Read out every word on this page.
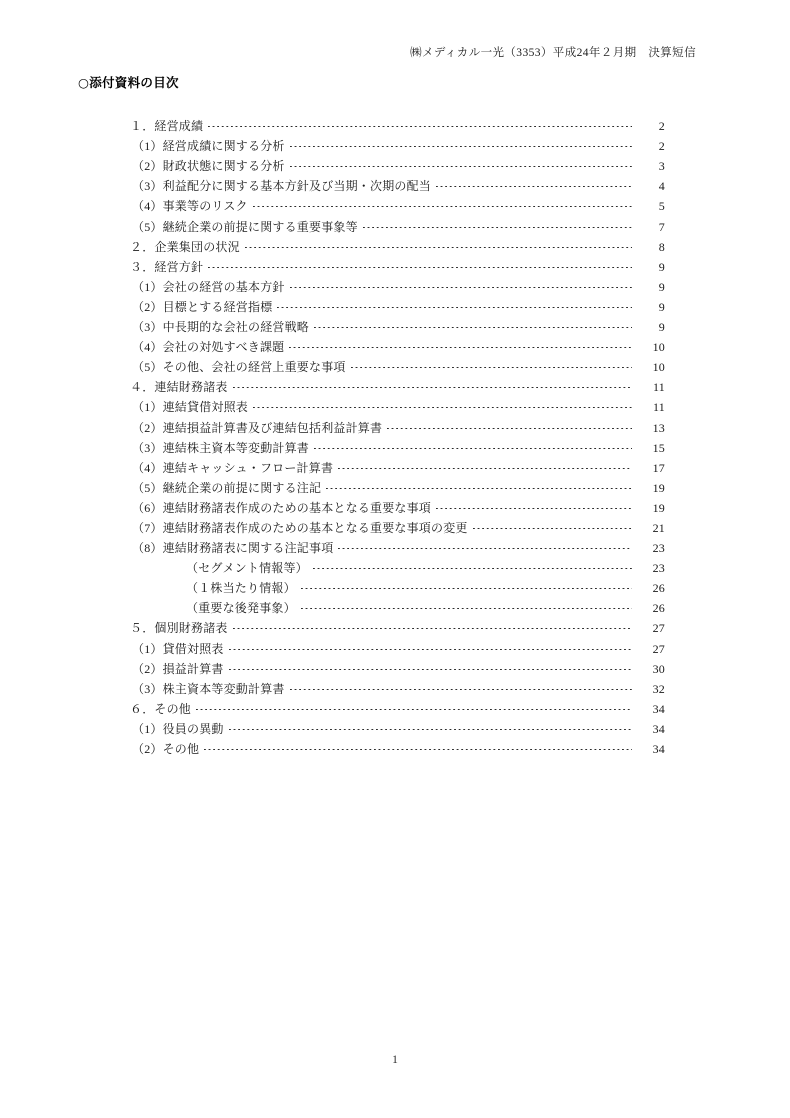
㈱メディカル一光（3353）平成24年２月期　決算短信
○添付資料の目次
１．経営成績	2
（1）経営成績に関する分析	2
（2）財政状態に関する分析	3
（3）利益配分に関する基本方針及び当期・次期の配当	4
（4）事業等のリスク	5
（5）継続企業の前提に関する重要事象等	7
２．企業集団の状況	8
３．経営方針	9
（1）会社の経営の基本方針	9
（2）目標とする経営指標	9
（3）中長期的な会社の経営戦略	9
（4）会社の対処すべき課題	10
（5）その他、会社の経営上重要な事項	10
４．連結財務諸表	11
（1）連結貸借対照表	11
（2）連結損益計算書及び連結包括利益計算書	13
（3）連結株主資本等変動計算書	15
（4）連結キャッシュ・フロー計算書	17
（5）継続企業の前提に関する注記	19
（6）連結財務諸表作成のための基本となる重要な事項	19
（7）連結財務諸表作成のための基本となる重要な事項の変更	21
（8）連結財務諸表に関する注記事項	23
（セグメント情報等）	23
（１株当たり情報）	26
（重要な後発事象）	26
５．個別財務諸表	27
（1）貸借対照表	27
（2）損益計算書	30
（3）株主資本等変動計算書	32
６．その他	34
（1）役員の異動	34
（2）その他	34
1
